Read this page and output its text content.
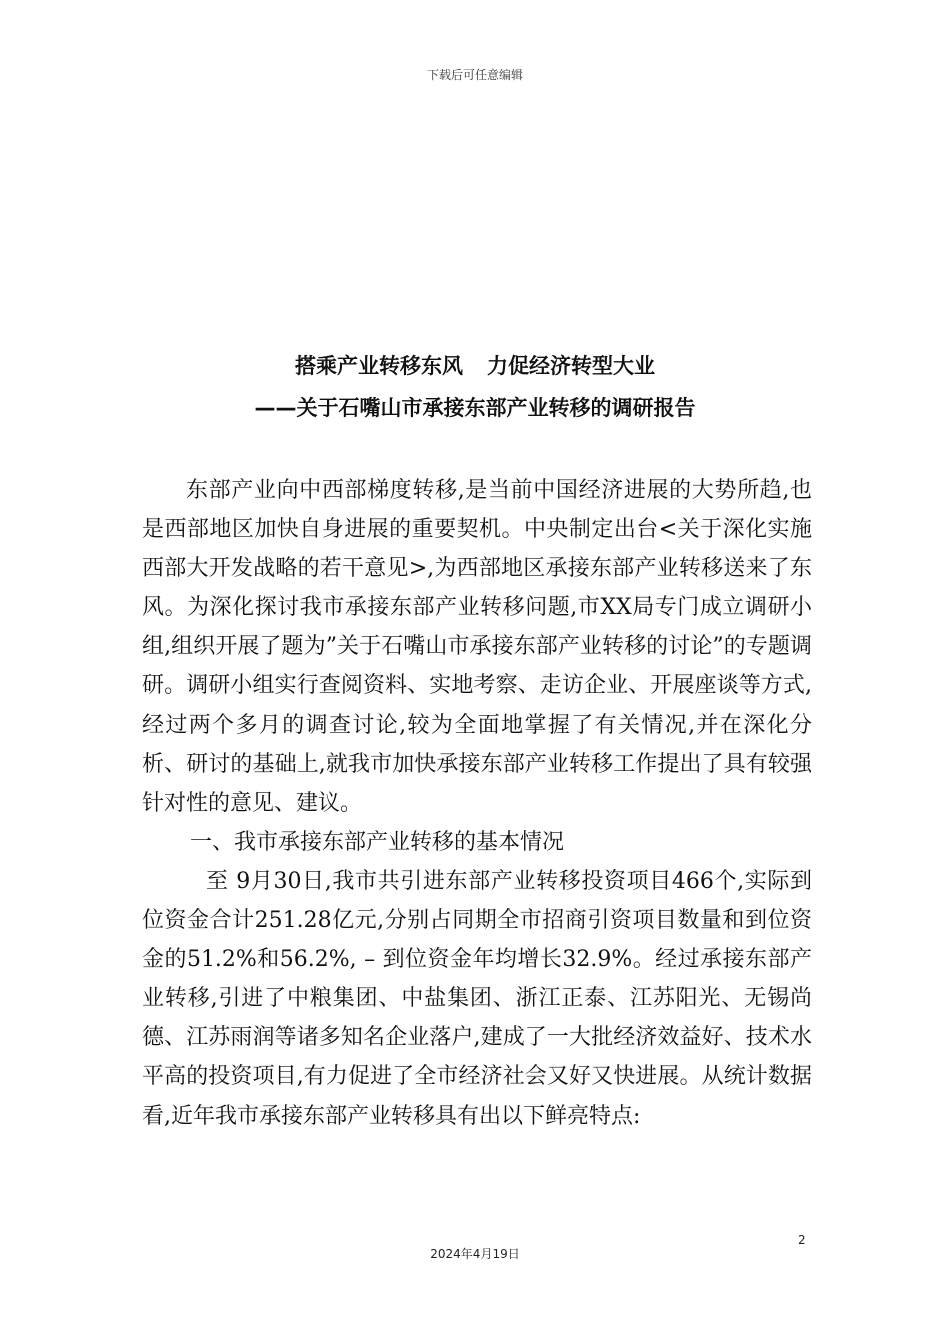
下载后可任意编辑
搭乘产业转移东风 力促经济转型大业
——关于石嘴山市承接东部产业转移的调研报告

东部产业向中西部梯度转移,是当前中国经济进展的大势所趋,也是西部地区加快自身进展的重要契机。中央制定出台<关于深化实施西部大开发战略的若干意见>,为西部地区承接东部产业转移送来了东风。为深化探讨我市承接东部产业转移问题,市XX局专门成立调研小组,组织开展了题为”关于石嘴山市承接东部产业转移的讨论”的专题调研。调研小组实行查阅资料、实地考察、走访企业、开展座谈等方式,经过两个多月的调查讨论,较为全面地掌握了有关情况,并在深化分析、研讨的基础上,就我市加快承接东部产业转移工作提出了具有较强针对性的意见、建议。

一、我市承接东部产业转移的基本情况

至 9月30日,我市共引进东部产业转移投资项目466个,实际到位资金合计251.28亿元,分别占同期全市招商引资项目数量和到位资金的51.2%和56.2%, – 到位资金年均增长32.9%。经过承接东部产业转移,引进了中粮集团、中盐集团、浙江正泰、江苏阳光、无锡尚德、江苏雨润等诸多知名企业落户,建成了一大批经济效益好、技术水平高的投资项目,有力促进了全市经济社会又好又快进展。从统计数据看,近年我市承接东部产业转移具有出以下鲜亮特点:

2
2024年4月19日
